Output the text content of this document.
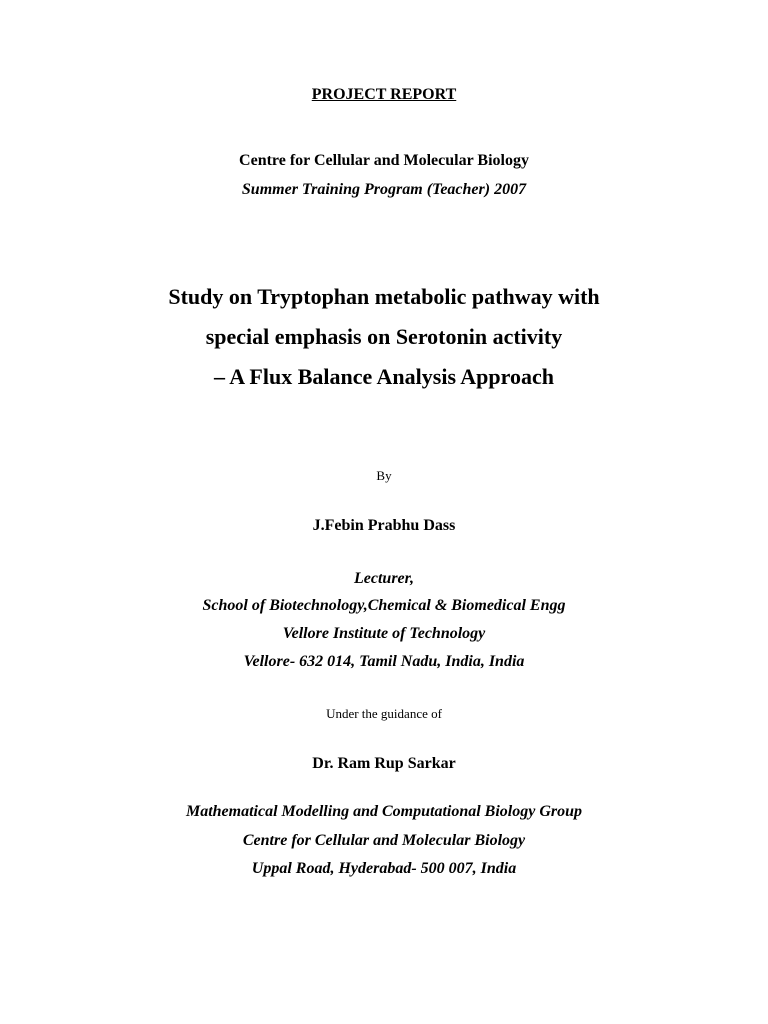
PROJECT REPORT
Centre for Cellular and Molecular Biology
Summer Training Program (Teacher) 2007
Study on Tryptophan metabolic pathway with
special emphasis on Serotonin activity
– A Flux Balance Analysis Approach
By
J.Febin Prabhu Dass
Lecturer,
School of Biotechnology,Chemical & Biomedical Engg
Vellore Institute of Technology
Vellore- 632 014, Tamil Nadu, India, India
Under the guidance of
Dr. Ram Rup Sarkar
Mathematical Modelling and Computational Biology Group
Centre for Cellular and Molecular Biology
Uppal Road, Hyderabad- 500 007, India
